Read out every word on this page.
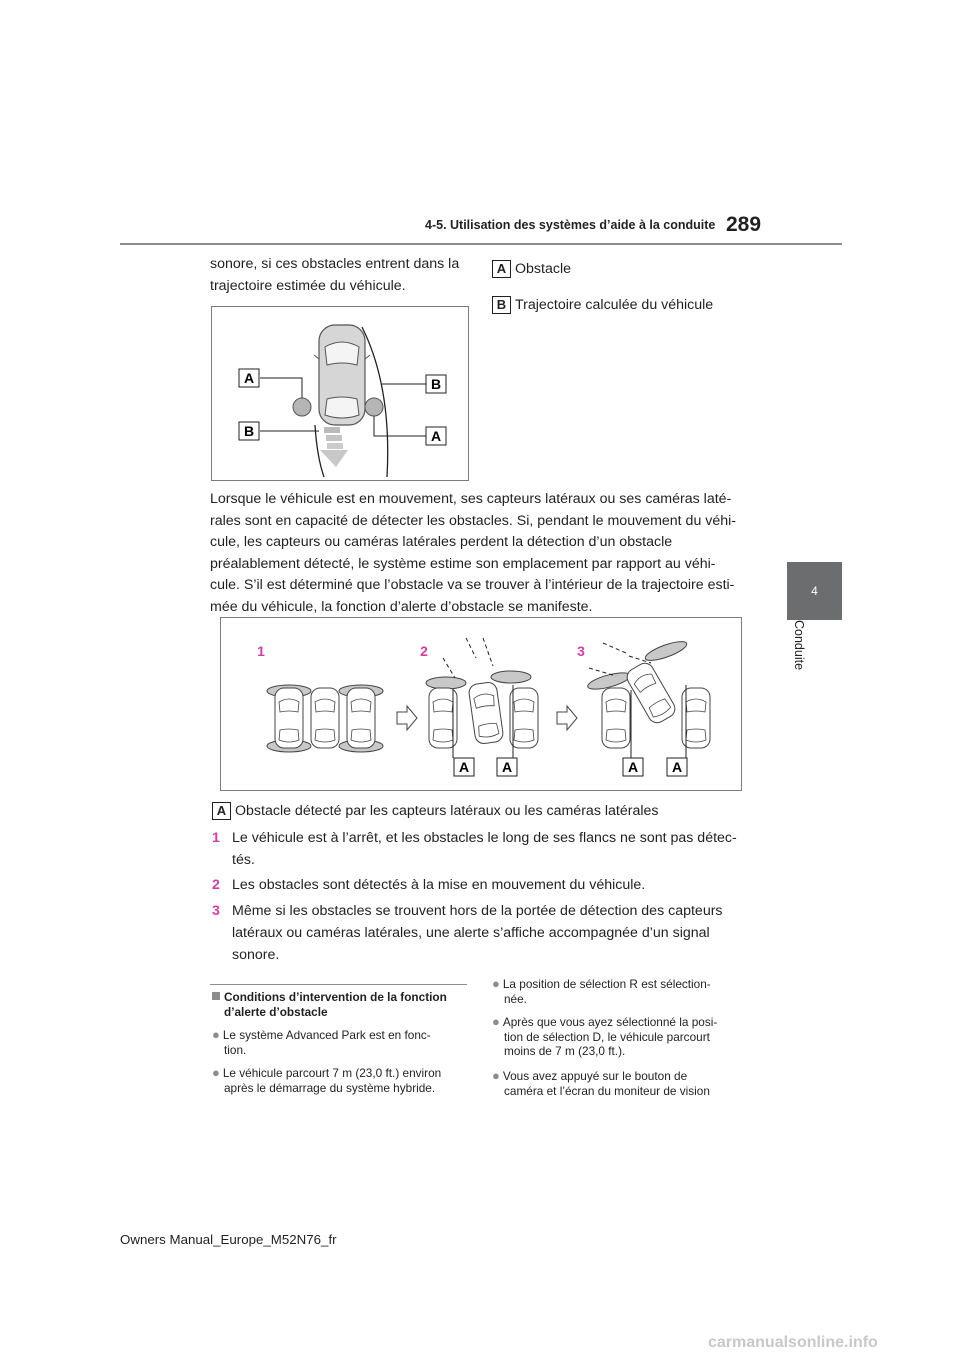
4-5. Utilisation des systèmes d’aide à la conduite 289
4
Conduite
sonore, si ces obstacles entrent dans la
trajectoire estimée du véhicule.
A Obstacle
B Trajectoire calculée du véhicule
A
B
B
A
Lorsque le véhicule est en mouvement, ses capteurs latéraux ou ses caméras laté-
rales sont en capacité de détecter les obstacles. Si, pendant le mouvement du véhi-
cule, les capteurs ou caméras latérales perdent la détection d’un obstacle
préalablement détecté, le système estime son emplacement par rapport au véhi-
cule. S’il est déterminé que l’obstacle va se trouver à l’intérieur de la trajectoire esti-
mée du véhicule, la fonction d’alerte d’obstacle se manifeste.
1	2	3
A A	A A
A Obstacle détecté par les capteurs latéraux ou les caméras latérales
1 Le véhicule est à l’arrêt, et les obstacles le long de ses flancs ne sont pas détec-
tés.
2 Les obstacles sont détectés à la mise en mouvement du véhicule.
3 Même si les obstacles se trouvent hors de la portée de détection des capteurs
latéraux ou caméras latérales, une alerte s’affiche accompagnée d’un signal
sonore.
Conditions d’intervention de la fonction
d’alerte d’obstacle
● Le système Advanced Park est en fonc-
tion.
● Le véhicule parcourt 7 m (23,0 ft.) environ
après le démarrage du système hybride.
● La position de sélection R est sélection-
née.
● Après que vous ayez sélectionné la posi-
tion de sélection D, le véhicule parcourt
moins de 7 m (23,0 ft.).
● Vous avez appuyé sur le bouton de
caméra et l’écran du moniteur de vision
Owners Manual_Europe_M52N76_fr
carmanualsonline.info
